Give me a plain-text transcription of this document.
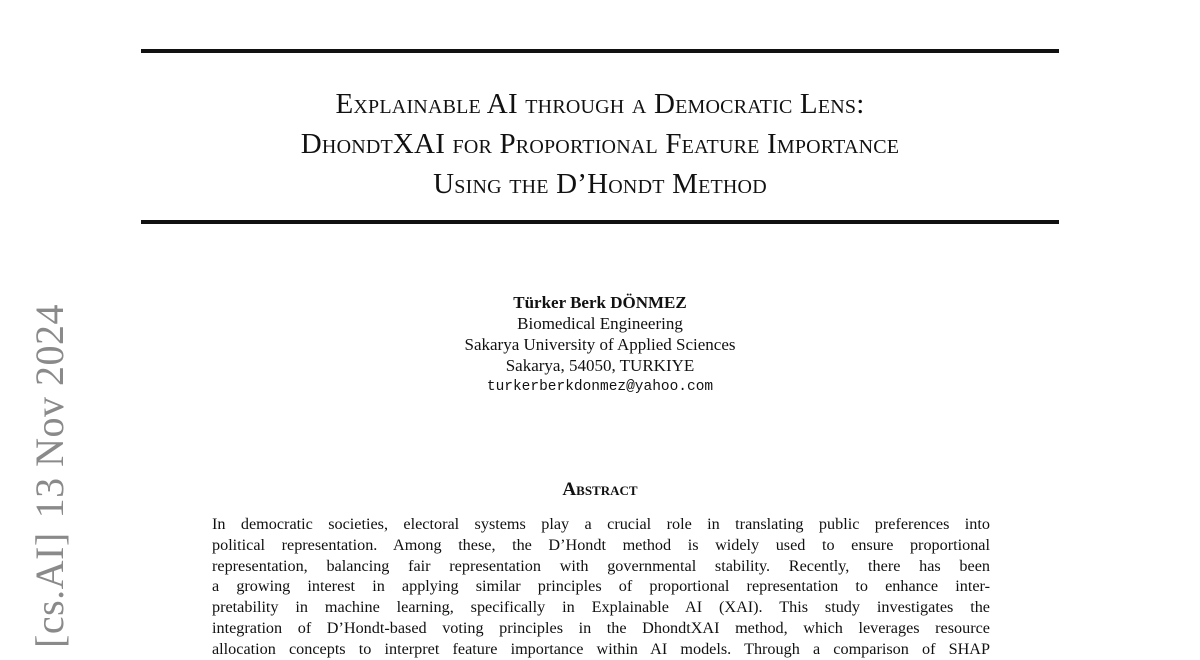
Explainable AI through a Democratic Lens:
DhondtXAI for Proportional Feature Importance
Using the D’Hondt Method
Türker Berk DÖNMEZ
Biomedical Engineering
Sakarya University of Applied Sciences
Sakarya, 54050, TURKIYE
turkerberkdonmez@yahoo.com
Abstract
In democratic societies, electoral systems play a crucial role in translating public preferences into
political representation. Among these, the D’Hondt method is widely used to ensure proportional
representation, balancing fair representation with governmental stability. Recently, there has been
a growing interest in applying similar principles of proportional representation to enhance inter-
pretability in machine learning, specifically in Explainable AI (XAI). This study investigates the
integration of D’Hondt-based voting principles in the DhondtXAI method, which leverages resource
allocation concepts to interpret feature importance within AI models. Through a comparison of SHAP
[cs.AI]13 Nov 2024
